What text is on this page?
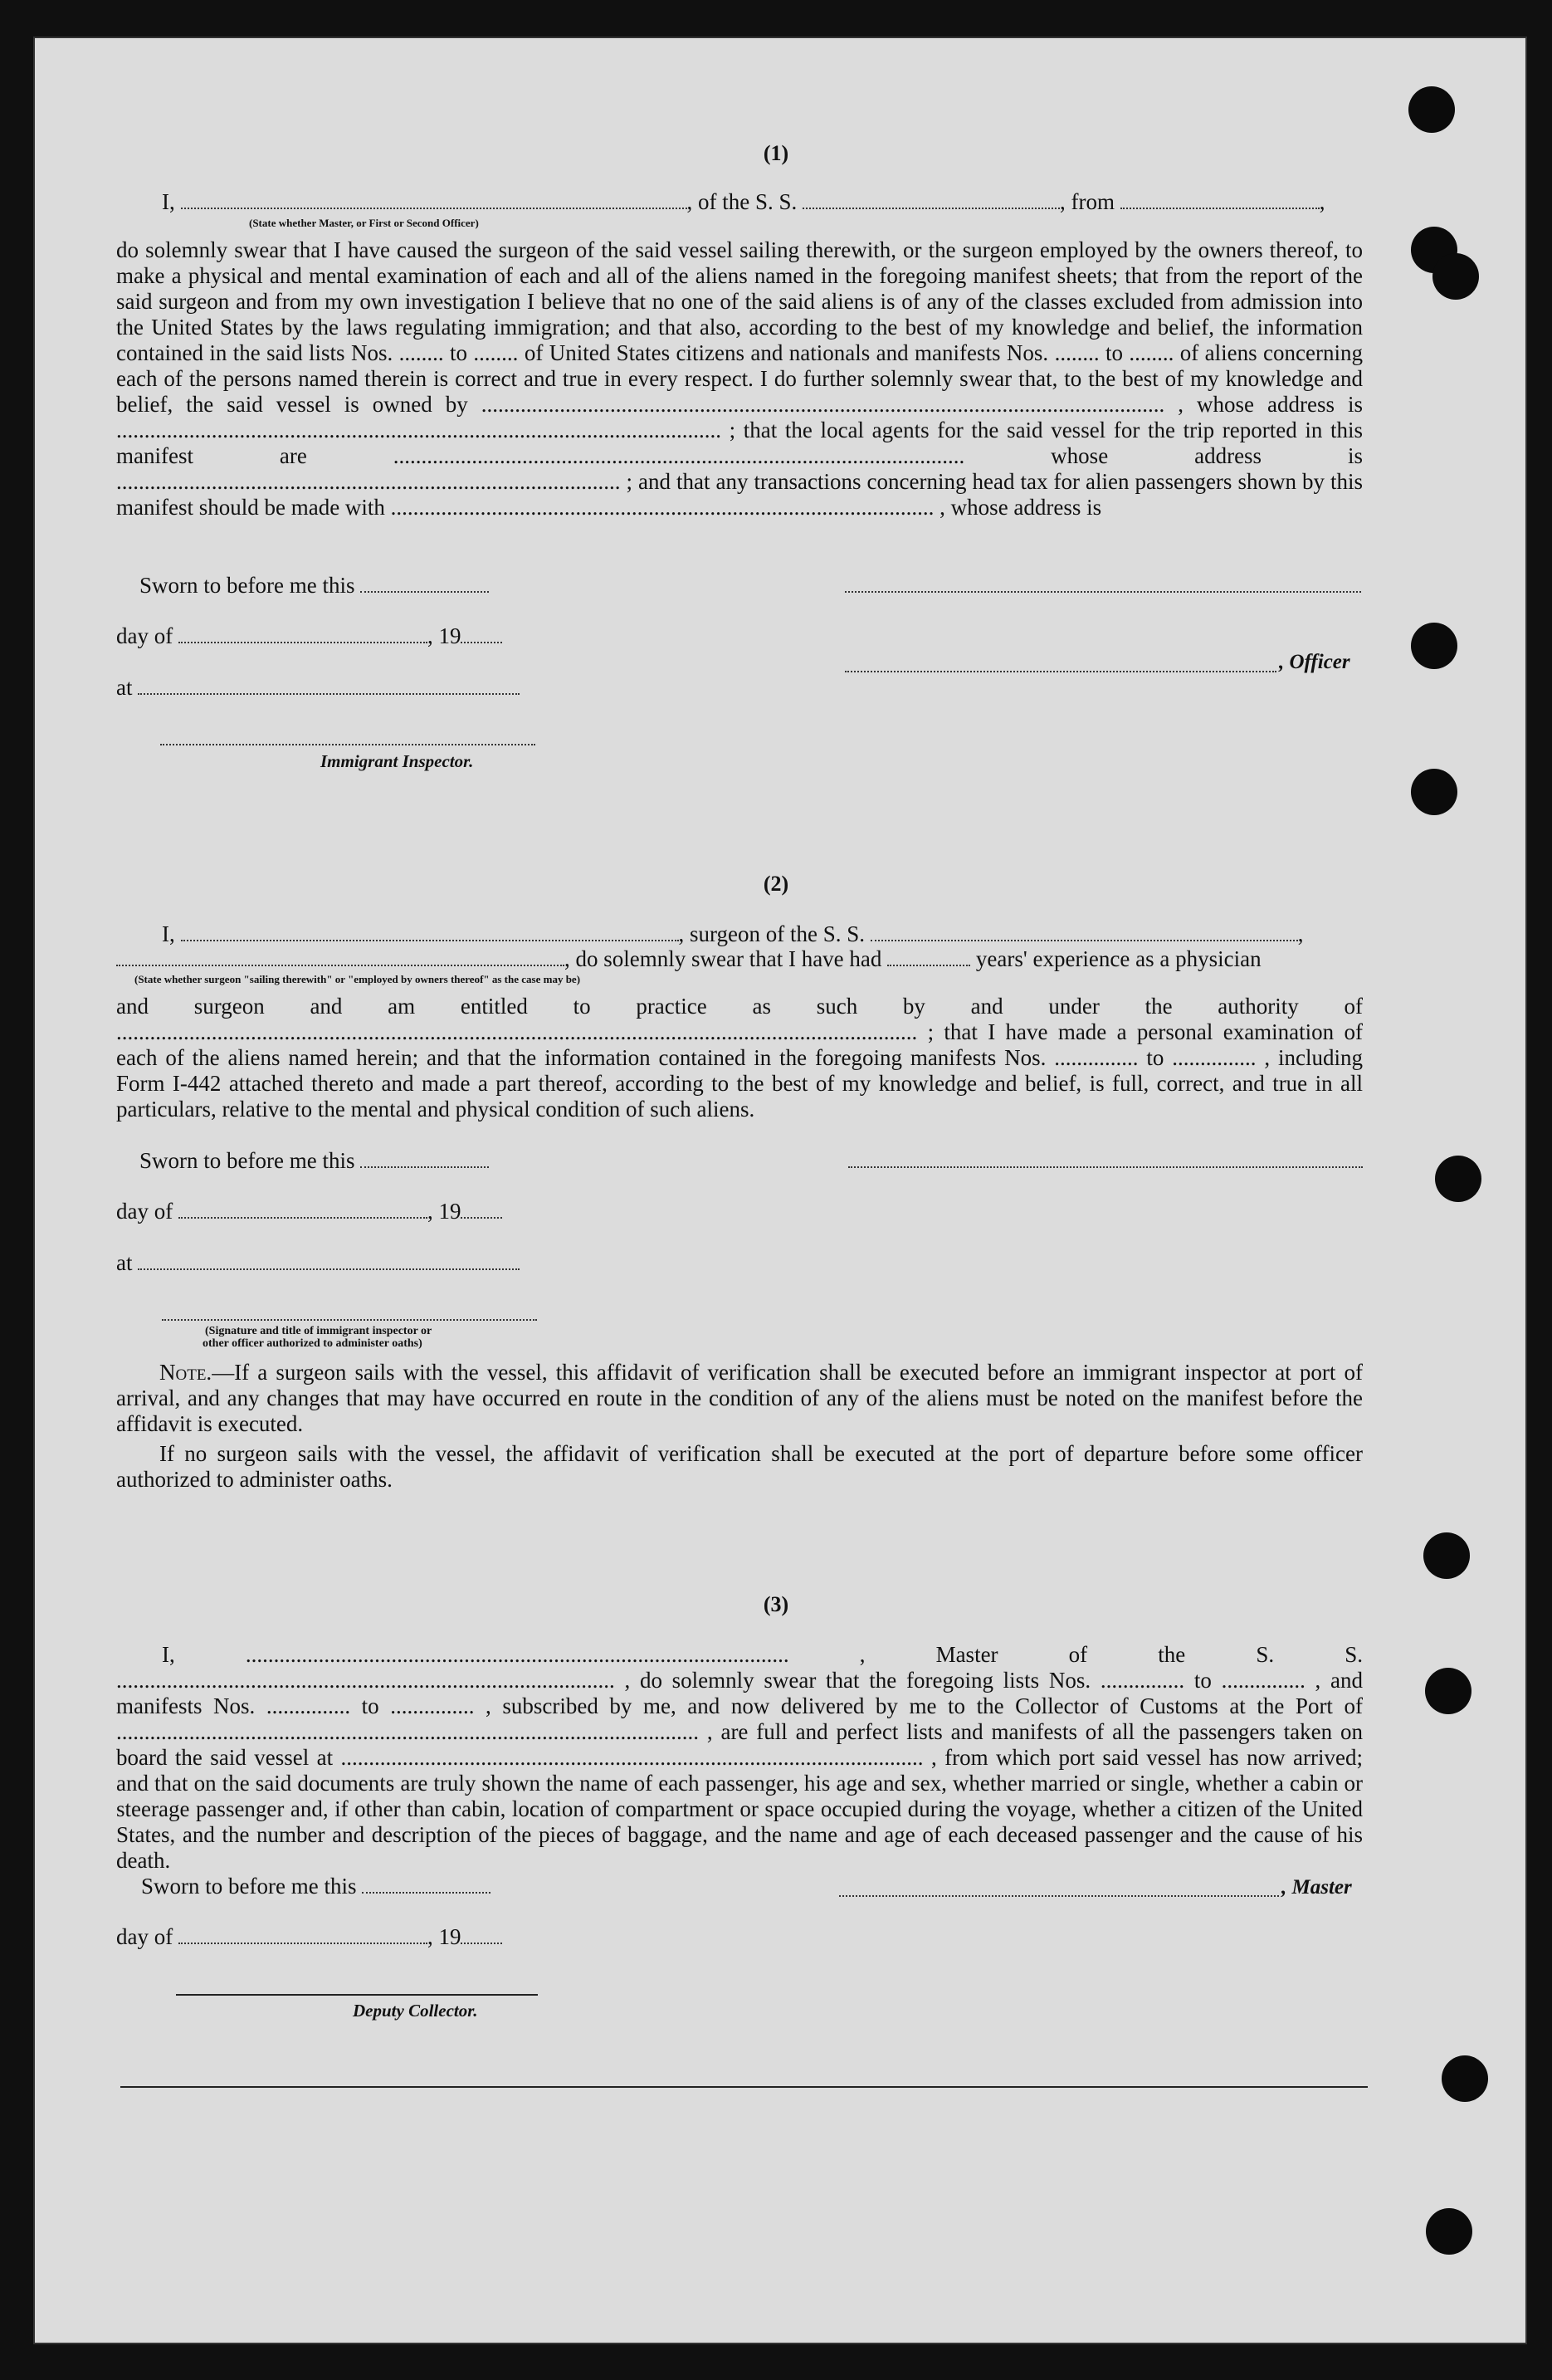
(1)
I,	, of the S. S.	, from	,
(State whether Master, or First or Second Officer)
do solemnly swear that I have caused the surgeon of the said vessel sailing therewith, or the surgeon employed by the owners thereof, to make a physical and mental examination of each and all of the aliens named in the foregoing manifest sheets; that from the report of the said surgeon and from my own investigation I believe that no one of the said aliens is of any of the classes excluded from admission into the United States by the laws regulating immigration; and that also, according to the best of my knowledge and belief, the information contained in the said lists Nos. ........ to ........ of United States citizens and nationals and manifests Nos. ........ to ........ of aliens concerning each of the persons named therein is correct and true in every respect. I do further solemnly swear that, to the best of my knowledge and belief, the said vessel is owned by .......................................................................................................................... , whose address is ............................................................................................................ ; that the local agents for the said vessel for the trip reported in this manifest are ...................................................................................................... whose address is .......................................................................................... ; and that any transactions concerning head tax for alien passengers shown by this manifest should be made with ................................................................................................. , whose address is
Sworn to before me this
day of	, 19
, Officer
at
Immigrant Inspector.
(2)
I,	, surgeon of the S. S.	,
, do solemnly swear that I have had	years' experience as a physician
(State whether surgeon "sailing therewith" or "employed by owners thereof" as the case may be)
and surgeon and am entitled to practice as such by and under the authority of ............................................................................................................................................... ; that I have made a personal examination of each of the aliens named herein; and that the information contained in the foregoing manifests Nos. ............... to ............... , including Form I-442 attached thereto and made a part thereof, according to the best of my knowledge and belief, is full, correct, and true in all particulars, relative to the mental and physical condition of such aliens.
Sworn to before me this
day of	, 19
at
(Signature and title of immigrant inspector or
other officer authorized to administer oaths)
Note.—If a surgeon sails with the vessel, this affidavit of verification shall be executed before an immigrant inspector at port of arrival, and any changes that may have occurred en route in the condition of any of the aliens must be noted on the manifest before the affidavit is executed.
If no surgeon sails with the vessel, the affidavit of verification shall be executed at the port of departure before some officer authorized to administer oaths.
(3)
I, ................................................................................................. , Master of the S. S. ......................................................................................... , do solemnly swear that the foregoing lists Nos. ............... to ............... , and manifests Nos. ............... to ............... , subscribed by me, and now delivered by me to the Collector of Customs at the Port of ........................................................................................................ , are full and perfect lists and manifests of all the passengers taken on board the said vessel at ........................................................................................................ , from which port said vessel has now arrived; and that on the said documents are truly shown the name of each passenger, his age and sex, whether married or single, whether a cabin or steerage passenger and, if other than cabin, location of compartment or space occupied during the voyage, whether a citizen of the United States, and the number and description of the pieces of baggage, and the name and age of each deceased passenger and the cause of his death.
Sworn to before me this	, Master
day of	, 19
Deputy Collector.
